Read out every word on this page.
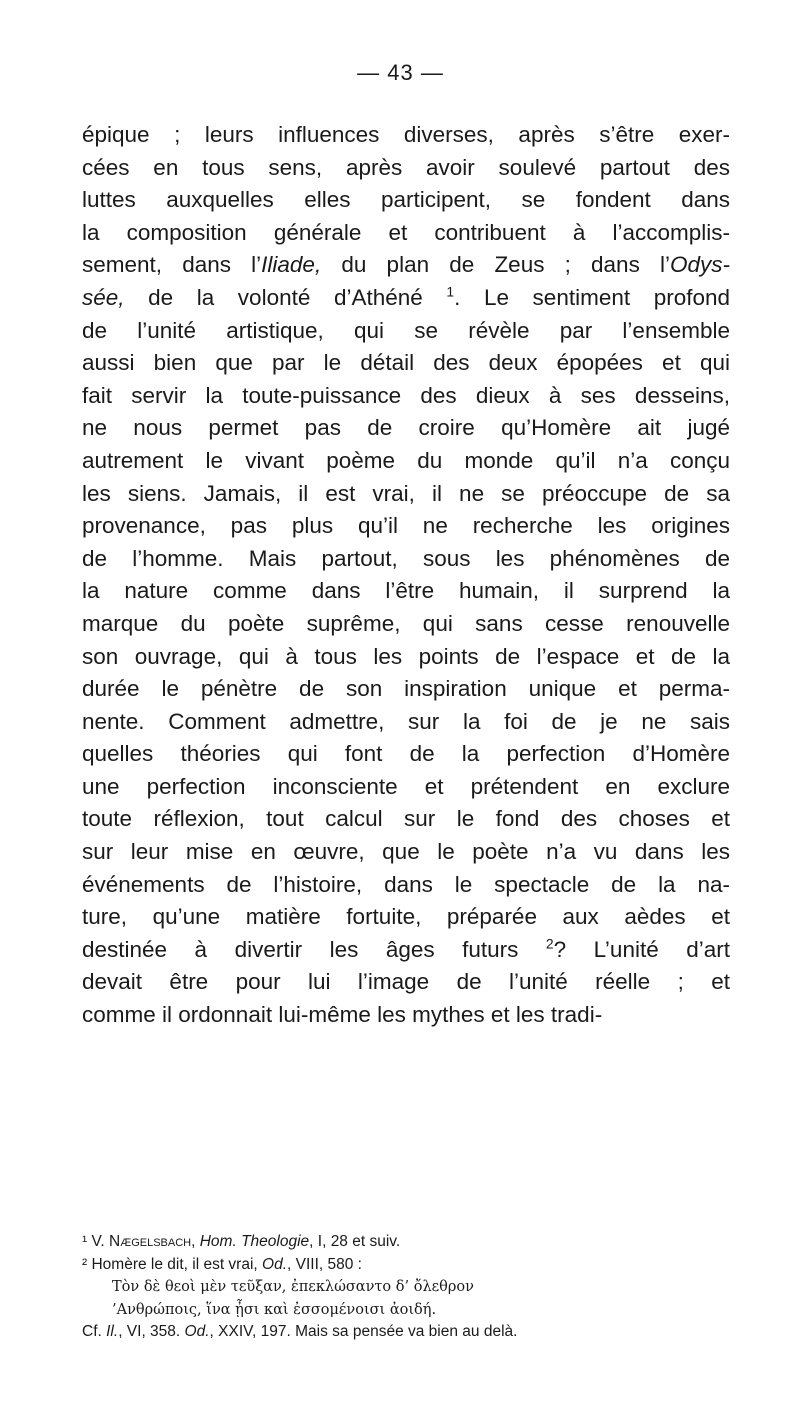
— 43 —
épique ; leurs influences diverses, après s’être exer-
cées en tous sens, après avoir soulevé partout des
luttes auxquelles elles participent, se fondent dans
la composition générale et contribuent à l’accomplis-
sement, dans l’Iliade, du plan de Zeus ; dans l’Odys-
sée, de la volonté d’Athéné $^1$. Le sentiment profond
de l’unité artistique, qui se révèle par l’ensemble
aussi bien que par le détail des deux épopées et qui
fait servir la toute-puissance des dieux à ses desseins,
ne nous permet pas de croire qu’Homère ait jugé
autrement le vivant poème du monde qu’il n’a conçu
les siens. Jamais, il est vrai, il ne se préoccupe de sa
provenance, pas plus qu’il ne recherche les origines
de l’homme. Mais partout, sous les phénomènes de
la nature comme dans l’être humain, il surprend la
marque du poète suprême, qui sans cesse renouvelle
son ouvrage, qui à tous les points de l’espace et de la
durée le pénètre de son inspiration unique et perma-
nente. Comment admettre, sur la foi de je ne sais
quelles théories qui font de la perfection d’Homère
une perfection inconsciente et prétendent en exclure
toute réflexion, tout calcul sur le fond des choses et
sur leur mise en œuvre, que le poète n’a vu dans les
événements de l’histoire, dans le spectacle de la na-
ture, qu’une matière fortuite, préparée aux aèdes et
destinée à divertir les âges futurs $^2$? L’unité d’art
devait être pour lui l’image de l’unité réelle ; et
comme il ordonnait lui-même les mythes et les tradi-
¹ V. Nægelsbach, Hom. Theologie, I, 28 et suiv.
² Homère le dit, il est vrai, Od., VIII, 580 :
Τὸν δὲ θεοὶ μὲν τεῦξαν, ἐπεκλώσαντο δ’ ὄλεθρον
’Ανθρώποις, ἵνα ᾖσι καὶ ἐσσομένοισι ἀοιδή.
Cf. Il., VI, 358. Od., XXIV, 197. Mais sa pensée va bien au delà.
